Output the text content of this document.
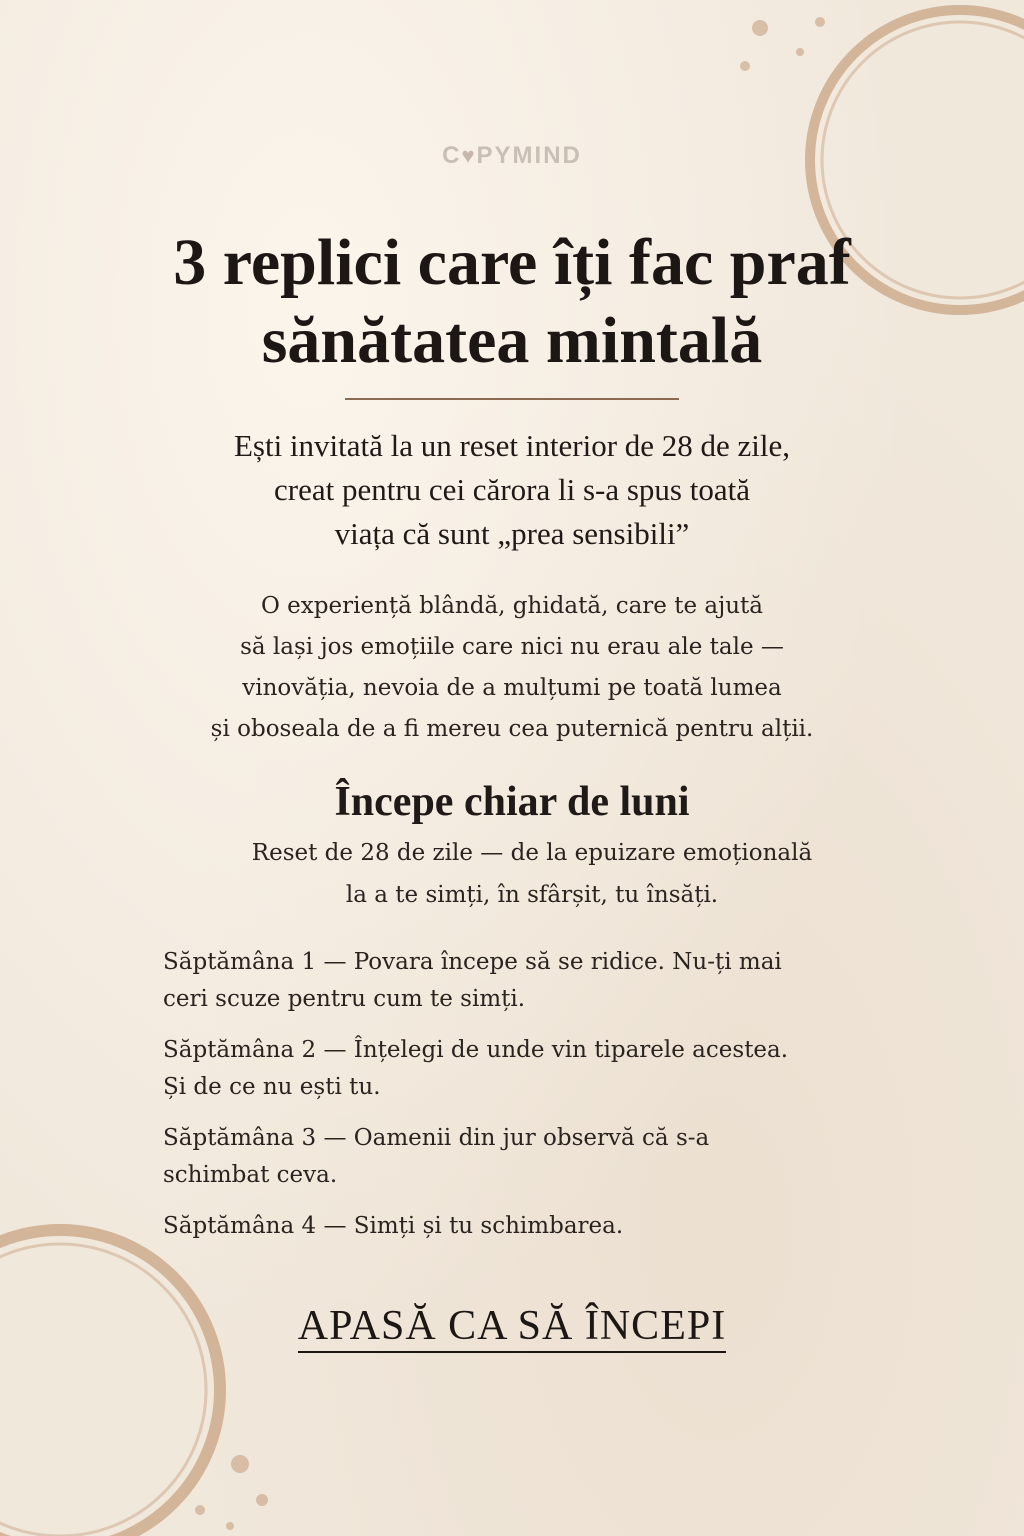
C♥PYMIND
3 replici care îți fac praf sănătatea mintală

Ești invitată la un reset interior de 28 de zile,
creat pentru cei cărora li s-a spus toată
viața că sunt „prea sensibili”

O experiență blândă, ghidată, care te ajută
să lași jos emoțiile care nici nu erau ale tale —
vinovăția, nevoia de a mulțumi pe toată lumea
și oboseala de a fi mereu cea puternică pentru alții.

Începe chiar de luni

Reset de 28 de zile — de la epuizare emoțională
la a te simți, în sfârșit, tu însăți.

Săptămâna 1 — Povara începe să se ridice. Nu-ți mai
ceri scuze pentru cum te simți.
Săptămâna 2 — Înțelegi de unde vin tiparele acestea.
Și de ce nu ești tu.
Săptămâna 3 — Oamenii din jur observă că s-a
schimbat ceva.
Săptămâna 4 — Simți și tu schimbarea.
APASĂ CA SĂ ÎNCEPI
